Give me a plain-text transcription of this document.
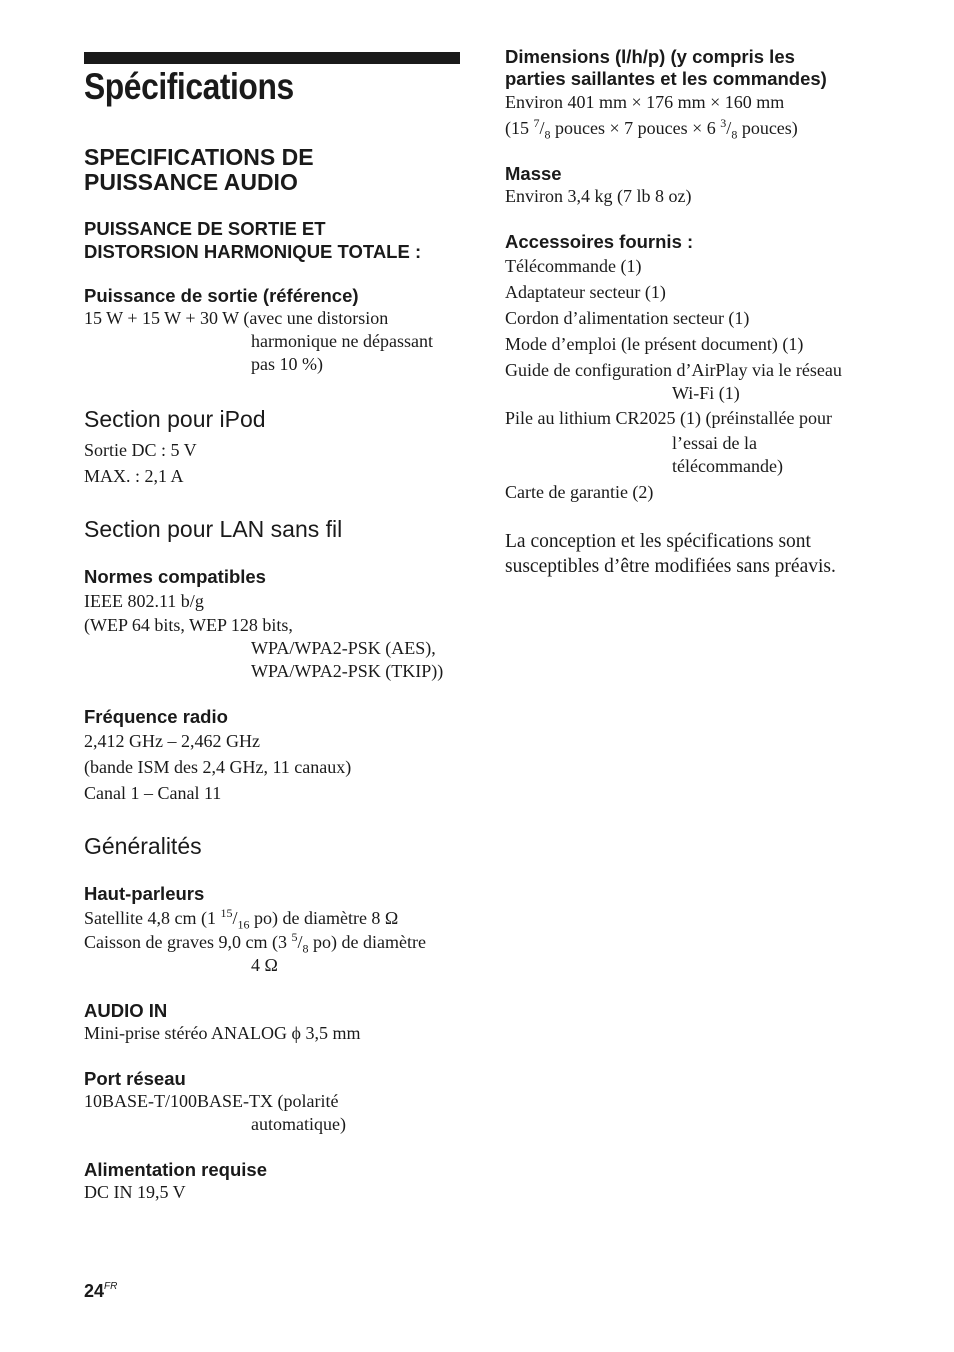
Spécifications
SPECIFICATIONS DE
PUISSANCE AUDIO
PUISSANCE DE SORTIE ET
DISTORSION HARMONIQUE TOTALE :
Puissance de sortie (référence)
15 W + 15 W + 30 W (avec une distorsion
harmonique ne dépassant
pas 10 %)
Section pour iPod
Sortie DC : 5 V
MAX. : 2,1 A
Section pour LAN sans fil
Normes compatibles
IEEE 802.11 b/g
(WEP 64 bits, WEP 128 bits,
WPA/WPA2-PSK (AES),
WPA/WPA2-PSK (TKIP))
Fréquence radio
2,412 GHz – 2,462 GHz
(bande ISM des 2,4 GHz, 11 canaux)
Canal 1 – Canal 11
Généralités
Haut-parleurs
Satellite 4,8 cm (1 $^{15}/_{16}$ po) de diamètre 8 Ω
Caisson de graves 9,0 cm (3 $^5/_8$ po) de diamètre
4 Ω
AUDIO IN
Mini-prise stéréo ANALOG ϕ 3,5 mm
Port réseau
10BASE-T/100BASE-TX (polarité
automatique)
Alimentation requise
DC IN 19,5 V
Dimensions (l/h/p) (y compris les
parties saillantes et les commandes)
Environ 401 mm × 176 mm × 160 mm
(15 $^7/_8$ pouces × 7 pouces × 6 $^3/_8$ pouces)
Masse
Environ 3,4 kg (7 lb 8 oz)
Accessoires fournis :
Télécommande (1)
Adaptateur secteur (1)
Cordon d’alimentation secteur (1)
Mode d’emploi (le présent document) (1)
Guide de configuration d’AirPlay via le réseau
Wi-Fi (1)
Pile au lithium CR2025 (1) (préinstallée pour
l’essai de la
télécommande)
Carte de garantie (2)
La conception et les spécifications sont
susceptibles d’être modifiées sans préavis.
$24^{FR}$
